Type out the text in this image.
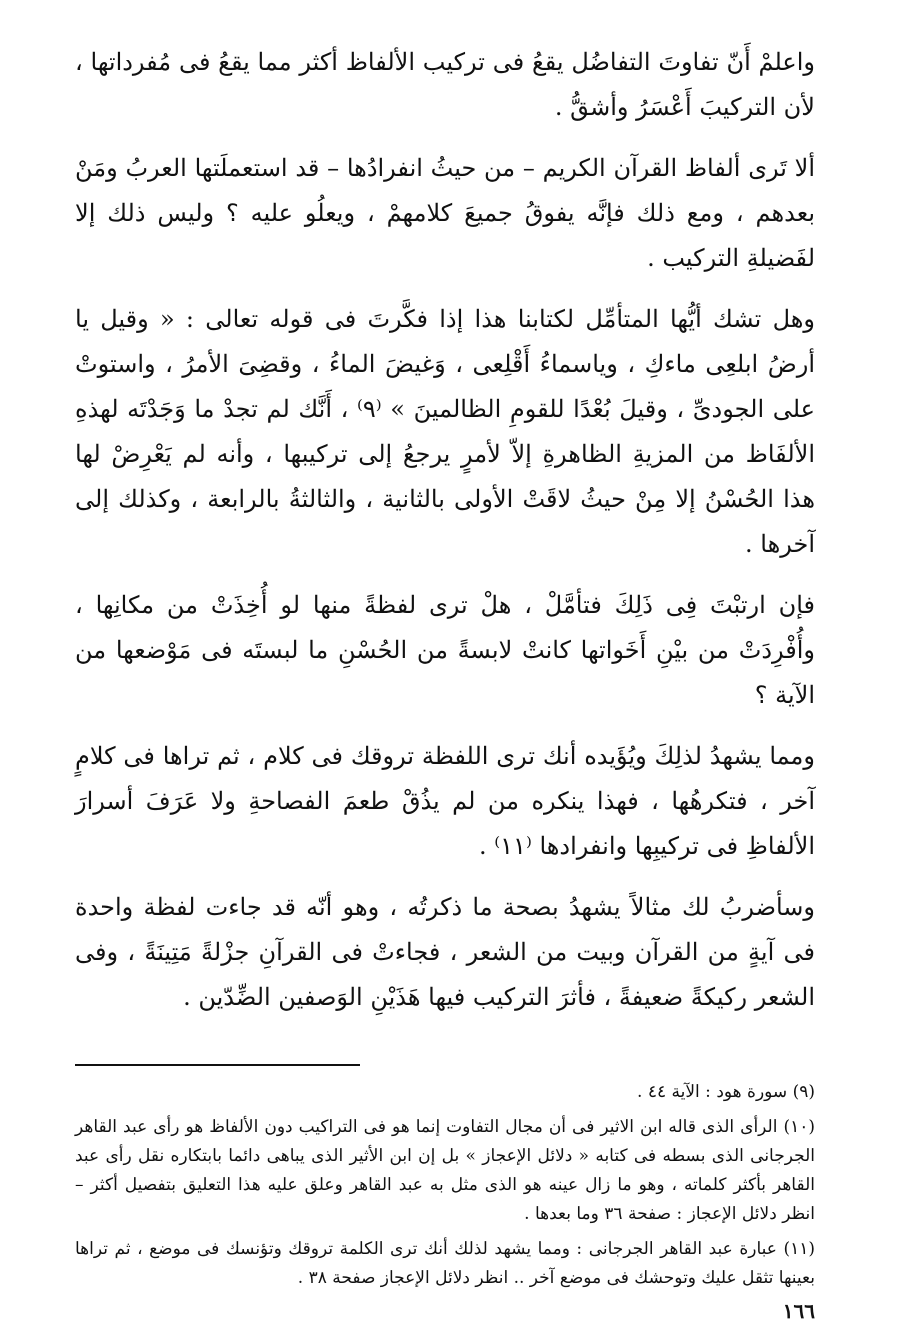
واعلمْ أَنّ تفاوتَ التفاضُل يقعُ فى تركيب الألفاظ أكثر مما يقعُ فى مُفرداتها ، لأن التركيبَ أَعْسَرُ وأشقُّ .

ألا تَرى ألفاظ القرآن الكريم – من حيثُ انفرادُها – قد استعملَتها العربُ ومَنْ بعدهم ، ومع ذلك فإنَّه يفوقُ جميعَ كلامهمْ ، ويعلُو عليه ؟ وليس ذلك إلا لفَضيلةِ التركيب .

وهل تشك أيُّها المتأمِّل لكتابنا هذا إذا فكَّرتَ فى قوله تعالى : « وقيل يا أرضُ ابلعِى ماءكِ ، وياسماءُ أَقْلِعى ، وَغيضَ الماءُ ، وقضِىَ الأمرُ ، واستوتْ على الجودىِّ ، وقيلَ بُعْدًا للقومِ الظالمينَ » ⁽٩⁾ ، أَنَّك لم تجدْ ما وَجَدْتَه لهذهِ الألفَاظ من المزيةِ الظاهرةِ إلاّ لأمرٍ يرجعُ إلى تركيبها ، وأنه لم يَعْرِضْ لها هذا الحُسْنُ إلا مِنْ حيثُ لاقَتْ الأولى بالثانية ، والثالثةُ بالرابعة ، وكذلك إلى آخرها .

فإن ارتبْتَ فِى ذَلِكَ فتأمَّلْ ، هلْ ترى لفظةً منها لو أُخِذَتْ من مكانِها ، وأُفْرِدَتْ من بيْنِ أَخَواتها كانتْ لابسةً من الحُسْنِ ما لبستَه فى مَوْضعها من الآية ؟

ومما يشهدُ لذلِكَ ويُؤَيده أنك ترى اللفظة تروقك فى كلام ، ثم تراها فى كلامٍ آخر ، فتكرهُها ، فهذا ينكره من لم يذُقْ طعمَ الفصاحةِ ولا عَرَفَ أسرارَ الألفاظِ فى تركيبِها وانفرادها ⁽١١⁾ .

وسأضربُ لك مثالاً يشهدُ بصحة ما ذكرتُه ، وهو أنّه قد جاءت لفظة واحدة فى آيةٍ من القرآن وبيت من الشعر ، فجاءتْ فى القرآنِ جزْلةً مَتِينَةً ، وفى الشعر ركيكةً ضعيفةً ، فأثرَ التركيب فيها هَذَيْنِ الوَصفين الضِّدّين .

(٩) سورة هود : الآية ٤٤ .

(١٠) الرأى الذى قاله ابن الاثير فى أن مجال التفاوت إنما هو فى التراكيب دون الألفاظ هو رأى عبد القاهر الجرجانى الذى بسطه فى كتابه « دلائل الإعجاز » بل إن ابن الأثير الذى يباهى دائما بابتكاره نقل رأى عبد القاهر بأكثر كلماته ، وهو ما زال عينه هو الذى مثل به عبد القاهر وعلق عليه هذا التعليق بتفصيل أكثر – انظر دلائل الإعجاز : صفحة ٣٦ وما بعدها .

(١١) عبارة عبد القاهر الجرجانى : ومما يشهد لذلك أنك ترى الكلمة تروقك وتؤنسك فى موضع ، ثم تراها بعينها تثقل عليك وتوحشك فى موضع آخر .. انظر دلائل الإعجاز صفحة ٣٨ .

١٦٦
